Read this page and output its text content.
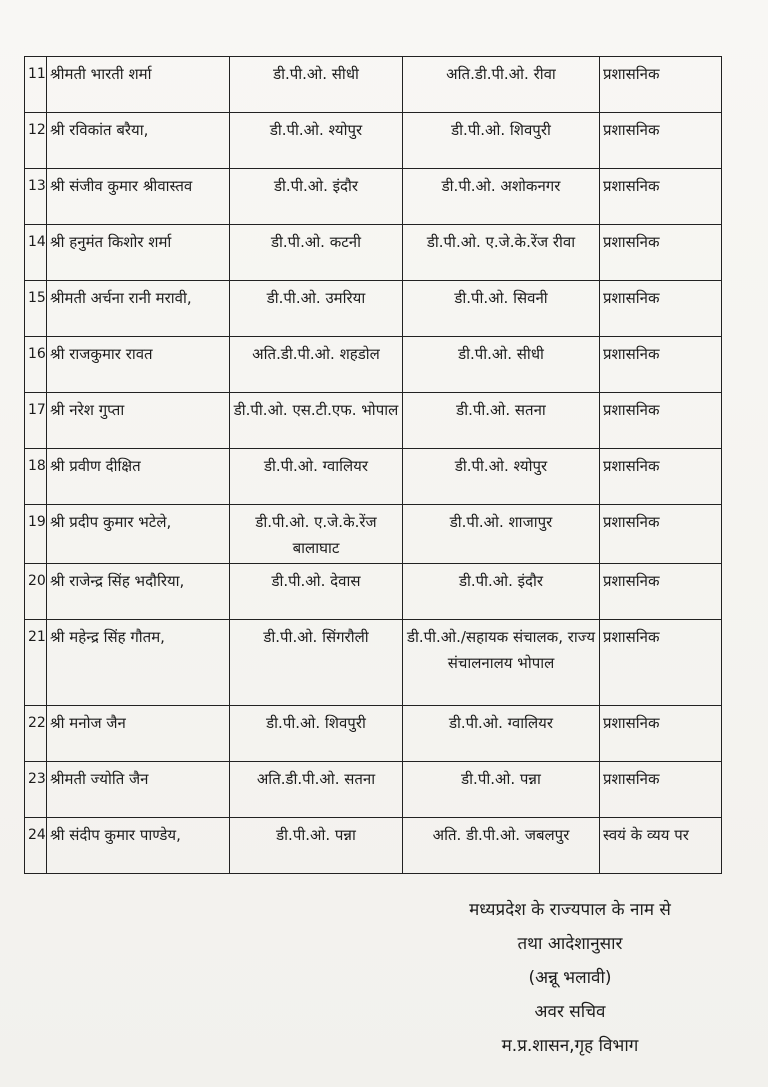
11	श्रीमती भारती शर्मा	डी.पी.ओ. सीधी	अति.डी.पी.ओ. रीवा	प्रशासनिक
12	श्री रविकांत बरैया,	डी.पी.ओ. श्योपुर	डी.पी.ओ. शिवपुरी	प्रशासनिक
13	श्री संजीव कुमार श्रीवास्तव	डी.पी.ओ. इंदौर	डी.पी.ओ. अशोकनगर	प्रशासनिक
14	श्री हनुमंत किशोर शर्मा	डी.पी.ओ. कटनी	डी.पी.ओ. ए.जे.के.रेंज रीवा	प्रशासनिक
15	श्रीमती अर्चना रानी मरावी,	डी.पी.ओ. उमरिया	डी.पी.ओ. सिवनी	प्रशासनिक
16	श्री राजकुमार रावत	अति.डी.पी.ओ. शहडोल	डी.पी.ओ. सीधी	प्रशासनिक
17	श्री नरेश गुप्ता	डी.पी.ओ. एस.टी.एफ. भोपाल	डी.पी.ओ. सतना	प्रशासनिक
18	श्री प्रवीण दीक्षित	डी.पी.ओ. ग्वालियर	डी.पी.ओ. श्योपुर	प्रशासनिक
19	श्री प्रदीप कुमार भटेले,	डी.पी.ओ. ए.जे.के.रेंज बालाघाट	डी.पी.ओ. शाजापुर	प्रशासनिक
20	श्री राजेन्द्र सिंह भदौरिया,	डी.पी.ओ. देवास	डी.पी.ओ. इंदौर	प्रशासनिक
21	श्री महेन्द्र सिंह गौतम,	डी.पी.ओ. सिंगरौली	डी.पी.ओ./सहायक संचालक, राज्य संचालनालय भोपाल	प्रशासनिक
22	श्री मनोज जैन	डी.पी.ओ. शिवपुरी	डी.पी.ओ. ग्वालियर	प्रशासनिक
23	श्रीमती ज्योति जैन	अति.डी.पी.ओ. सतना	डी.पी.ओ. पन्ना	प्रशासनिक
24	श्री संदीप कुमार पाण्डेय,	डी.पी.ओ. पन्ना	अति. डी.पी.ओ. जबलपुर	स्वयं के व्यय पर
मध्यप्रदेश के राज्यपाल के नाम से
तथा आदेशानुसार
(अन्नू भलावी)
अवर सचिव
म.प्र.शासन,गृह विभाग
